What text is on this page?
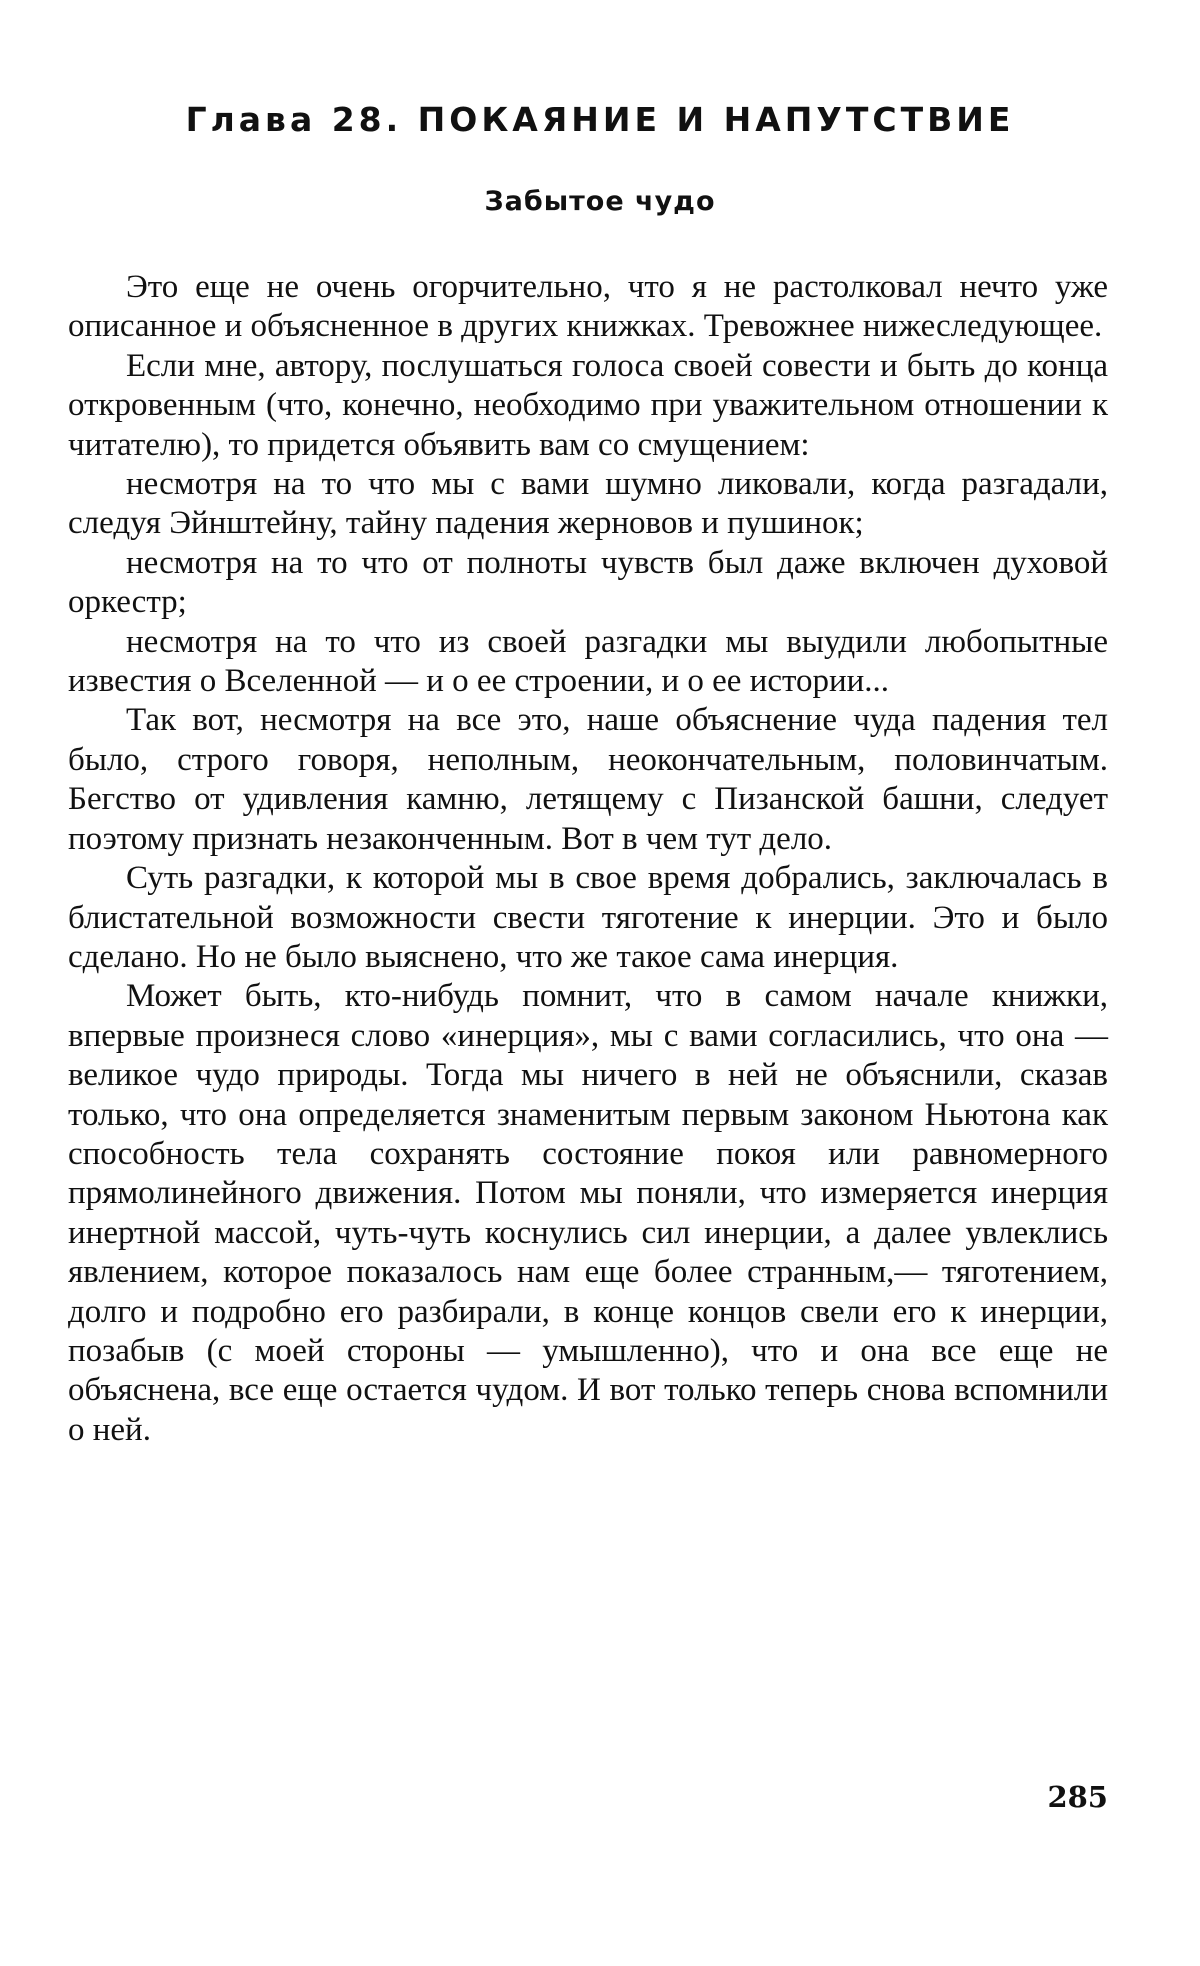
Глава 28. ПОКАЯНИЕ И НАПУТСТВИЕ
Забытое чудо

Это еще не очень огорчительно, что я не растолковал нечто уже описанное и объясненное в других книжках. Тревожнее нижеследующее.

Если мне, автору, послушаться голоса своей совести и быть до конца откровенным (что, конечно, необходимо при уважительном отношении к читателю), то придется объявить вам со смущением:

несмотря на то что мы с вами шумно ликовали, когда разгадали, следуя Эйнштейну, тайну падения жерновов и пушинок;

несмотря на то что от полноты чувств был даже включен духовой оркестр;

несмотря на то что из своей разгадки мы выудили любопытные известия о Вселенной — и о ее строении, и о ее истории...

Так вот, несмотря на все это, наше объяснение чуда падения тел было, строго говоря, неполным, неокончательным, половинчатым. Бегство от удивления камню, летящему с Пизанской башни, следует поэтому признать незаконченным. Вот в чем тут дело.

Суть разгадки, к которой мы в свое время добрались, заключалась в блистательной возможности свести тяготение к инерции. Это и было сделано. Но не было выяснено, что же такое сама инерция.

Может быть, кто-нибудь помнит, что в самом начале книжки, впервые произнеся слово «инерция», мы с вами согласились, что она — великое чудо природы. Тогда мы ничего в ней не объяснили, сказав только, что она определяется знаменитым первым законом Ньютона как способность тела сохранять состояние покоя или равномерного прямолинейного движения. Потом мы поняли, что измеряется инерция инертной массой, чуть-чуть коснулись сил инерции, а далее увлеклись явлением, которое показалось нам еще более странным,— тяготением, долго и подробно его разбирали, в конце концов свели его к инерции, позабыв (с моей стороны — умышленно), что и она все еще не объяснена, все еще остается чудом. И вот только теперь снова вспомнили о ней.

285
